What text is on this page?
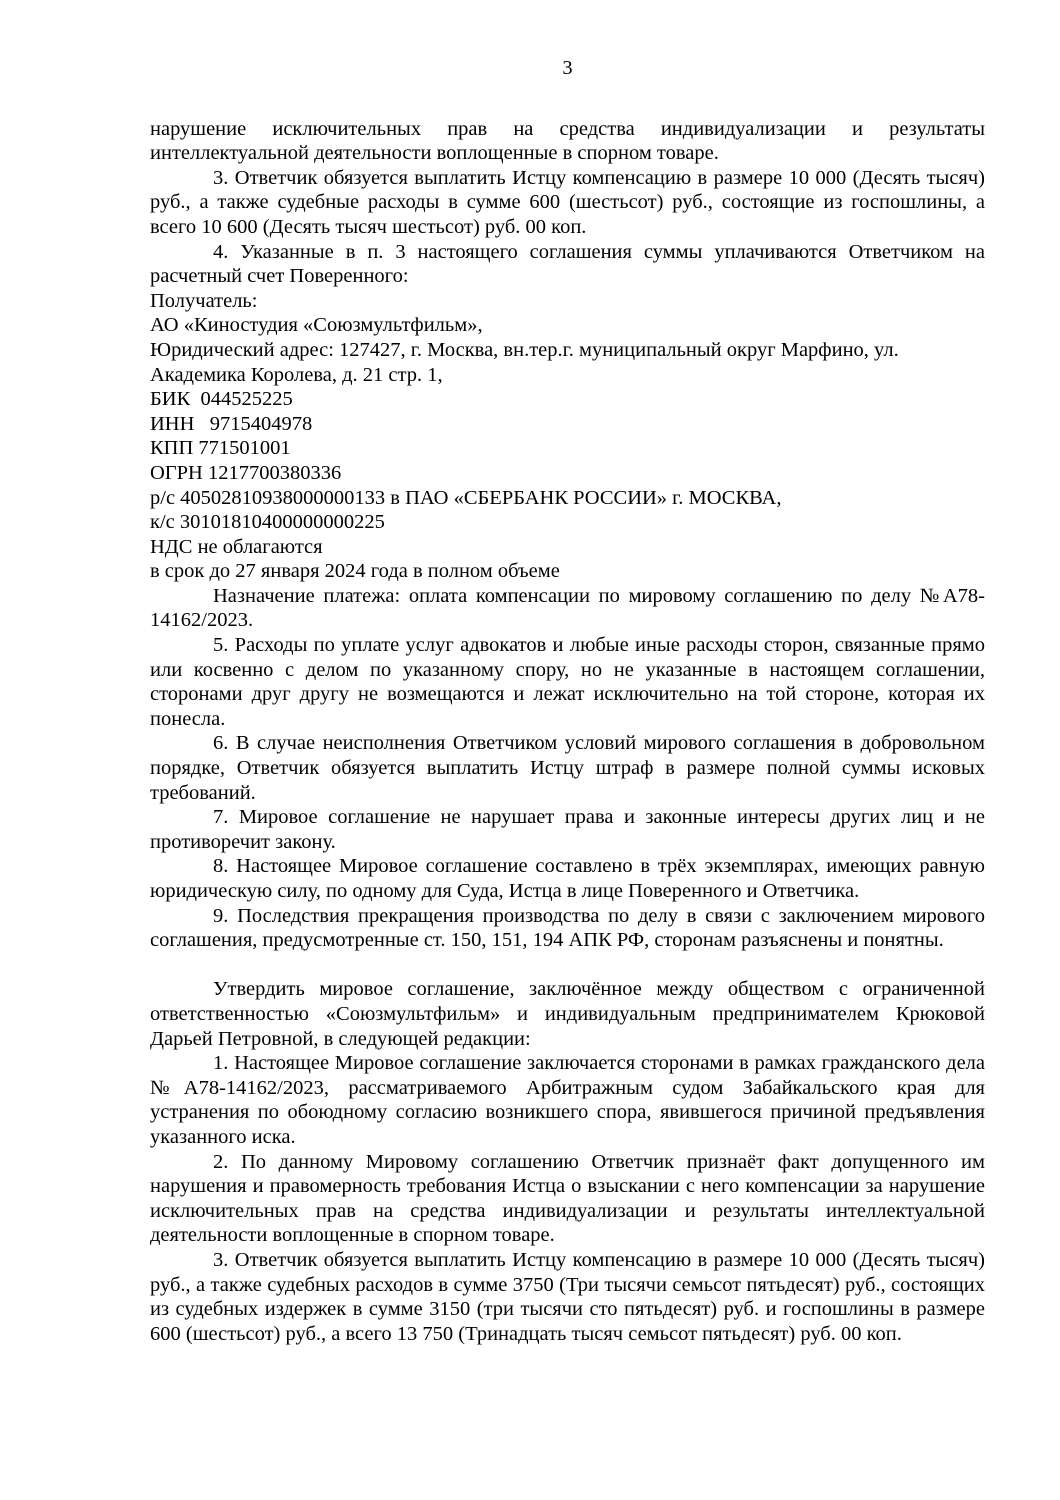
3

нарушение исключительных прав на средства индивидуализации и результаты интеллектуальной деятельности воплощенные в спорном товаре.

3. Ответчик обязуется выплатить Истцу компенсацию в размере 10 000 (Десять тысяч) руб., а также судебные расходы в сумме 600 (шестьсот) руб., состоящие из госпошлины, а всего 10 600 (Десять тысяч шестьсот) руб. 00 коп.

4. Указанные в п. 3 настоящего соглашения суммы уплачиваются Ответчиком на расчетный счет Поверенного:

Получатель:

АО «Киностудия «Союзмультфильм»,

Юридический адрес: 127427, г. Москва, вн.тер.г. муниципальный округ Марфино, ул. Академика Королева, д. 21 стр. 1,

БИК  044525225

ИНН   9715404978

КПП 771501001

ОГРН 1217700380336

р/с 40502810938000000133 в ПАО «СБЕРБАНК РОССИИ» г. МОСКВА,

к/с 30101810400000000225

НДС не облагаются

в срок до 27 января 2024 года в полном объеме

Назначение платежа: оплата компенсации по мировому соглашению по делу №А78-14162/2023.

5. Расходы по уплате услуг адвокатов и любые иные расходы сторон, связанные прямо или косвенно с делом по указанному спору, но не указанные в настоящем соглашении, сторонами друг другу не возмещаются и лежат исключительно на той стороне, которая их понесла.

6. В случае неисполнения Ответчиком условий мирового соглашения в добровольном порядке, Ответчик обязуется выплатить Истцу штраф в размере полной суммы исковых требований.

7. Мировое соглашение не нарушает права и законные интересы других лиц и не противоречит закону.

8. Настоящее Мировое соглашение составлено в трёх экземплярах, имеющих равную юридическую силу, по одному для Суда, Истца в лице Поверенного и Ответчика.

9. Последствия прекращения производства по делу в связи с заключением мирового соглашения, предусмотренные ст. 150, 151, 194 АПК РФ, сторонам разъяснены и понятны.

Утвердить мировое соглашение, заключённое между обществом с ограниченной ответственностью «Союзмультфильм» и индивидуальным предпринимателем Крюковой Дарьей Петровной, в следующей редакции:

1. Настоящее Мировое соглашение заключается сторонами в рамках гражданского дела №А78-14162/2023, рассматриваемого Арбитражным судом Забайкальского края для устранения по обоюдному согласию возникшего спора, явившегося причиной предъявления указанного иска.

2. По данному Мировому соглашению Ответчик признаёт факт допущенного им нарушения и правомерность требования Истца о взыскании с него компенсации за нарушение исключительных прав на средства индивидуализации и результаты интеллектуальной деятельности воплощенные в спорном товаре.

3. Ответчик обязуется выплатить Истцу компенсацию в размере 10 000 (Десять тысяч) руб., а также судебных расходов в сумме 3750 (Три тысячи семьсот пятьдесят) руб., состоящих из судебных издержек в сумме 3150 (три тысячи сто пятьдесят) руб. и госпошлины в размере 600 (шестьсот) руб., а всего 13 750 (Тринадцать тысяч семьсот пятьдесят) руб. 00 коп.
